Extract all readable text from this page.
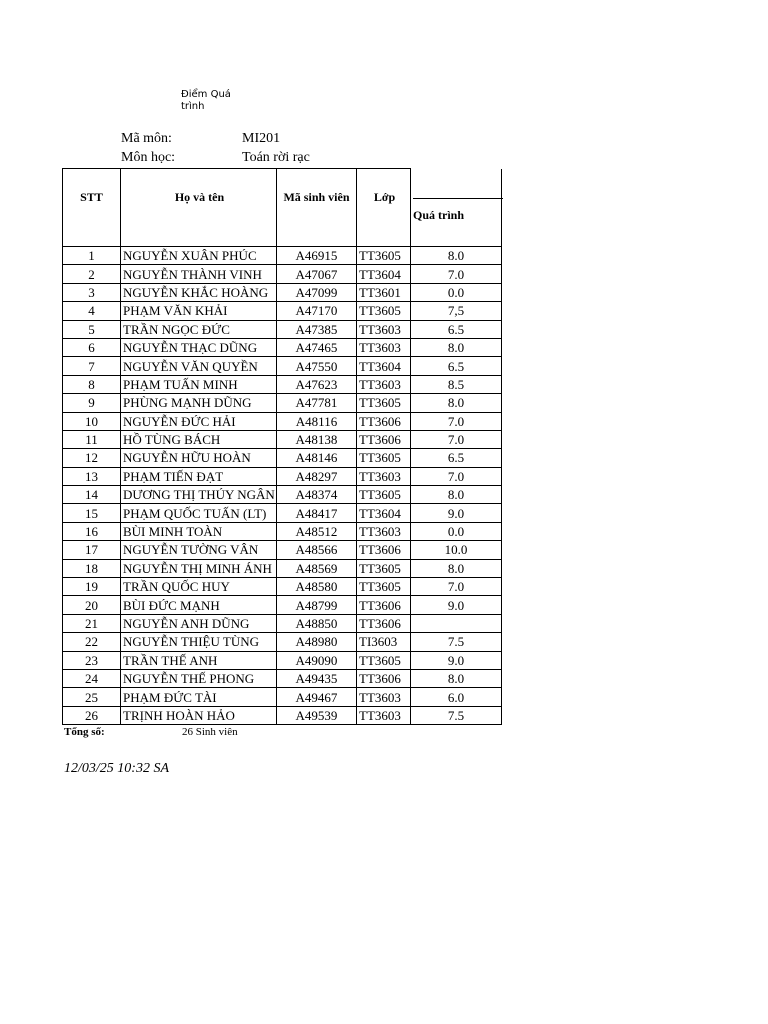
Điểm Quá trình
Mã môn:	MI201
Môn học:	Toán rời rạc
STT	Họ và tên	Mã sinh viên	Lớp	Quá trình

1	NGUYỄN XUÂN PHÚC	A46915	TT3605	8.0
2	NGUYỄN THÀNH VINH	A47067	TT3604	7.0
3	NGUYỄN KHẮC HOÀNG	A47099	TT3601	0.0
4	PHẠM VĂN KHẢI	A47170	TT3605	7,5
5	TRẦN NGỌC ĐỨC	A47385	TT3603	6.5
6	NGUYỄN THẠC DŨNG	A47465	TT3603	8.0
7	NGUYỄN VĂN QUYỀN	A47550	TT3604	6.5
8	PHẠM TUẤN MINH	A47623	TT3603	8.5
9	PHÙNG MẠNH DŨNG	A47781	TT3605	8.0
10	NGUYỄN ĐỨC HẢI	A48116	TT3606	7.0
11	HỒ TÙNG BÁCH	A48138	TT3606	7.0
12	NGUYỄN HỮU HOÀN	A48146	TT3605	6.5
13	PHẠM TIẾN ĐẠT	A48297	TT3603	7.0
14	DƯƠNG THỊ THÚY NGÂN	A48374	TT3605	8.0
15	PHẠM QUỐC TUẤN (LT)	A48417	TT3604	9.0
16	BÙI MINH TOÀN	A48512	TT3603	0.0
17	NGUYỄN TƯỜNG VÂN	A48566	TT3606	10.0
18	NGUYỄN THỊ MINH ÁNH	A48569	TT3605	8.0
19	TRẦN QUỐC HUY	A48580	TT3605	7.0
20	BÙI ĐỨC MẠNH	A48799	TT3606	9.0
21	NGUYỄN ANH DŨNG	A48850	TT3606	
22	NGUYỄN THIỆU TÙNG	A48980	TI3603	7.5
23	TRẦN THẾ ANH	A49090	TT3605	9.0
24	NGUYỄN THẾ PHONG	A49435	TT3606	8.0
25	PHẠM ĐỨC TÀI	A49467	TT3603	6.0
26	TRỊNH HOÀN HẢO	A49539	TT3603	7.5
Tổng số:	26 Sinh viên
12/03/25 10:32 SA
